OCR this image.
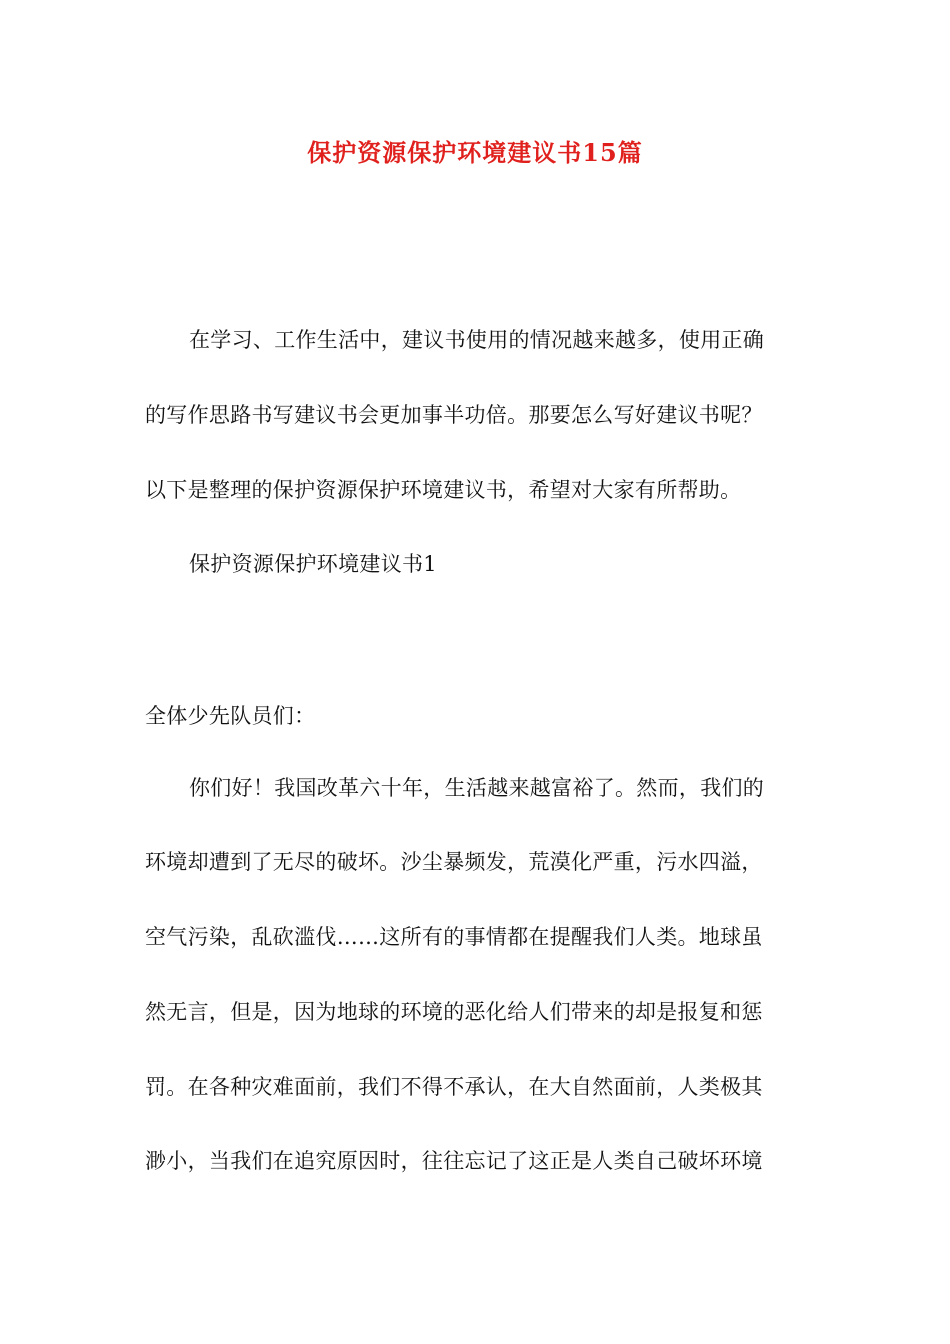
保护资源保护环境建议书15篇
在学习、工作生活中，建议书使用的情况越来越多，使用正确
的写作思路书写建议书会更加事半功倍。那要怎么写好建议书呢？
以下是整理的保护资源保护环境建议书，希望对大家有所帮助。
保护资源保护环境建议书1
全体少先队员们：
你们好！我国改革六十年，生活越来越富裕了。然而，我们的
环境却遭到了无尽的破坏。沙尘暴频发，荒漠化严重，污水四溢，
空气污染，乱砍滥伐……这所有的事情都在提醒我们人类。地球虽
然无言，但是，因为地球的环境的恶化给人们带来的却是报复和惩
罚。在各种灾难面前，我们不得不承认，在大自然面前，人类极其
渺小，当我们在追究原因时，往往忘记了这正是人类自己破坏环境
